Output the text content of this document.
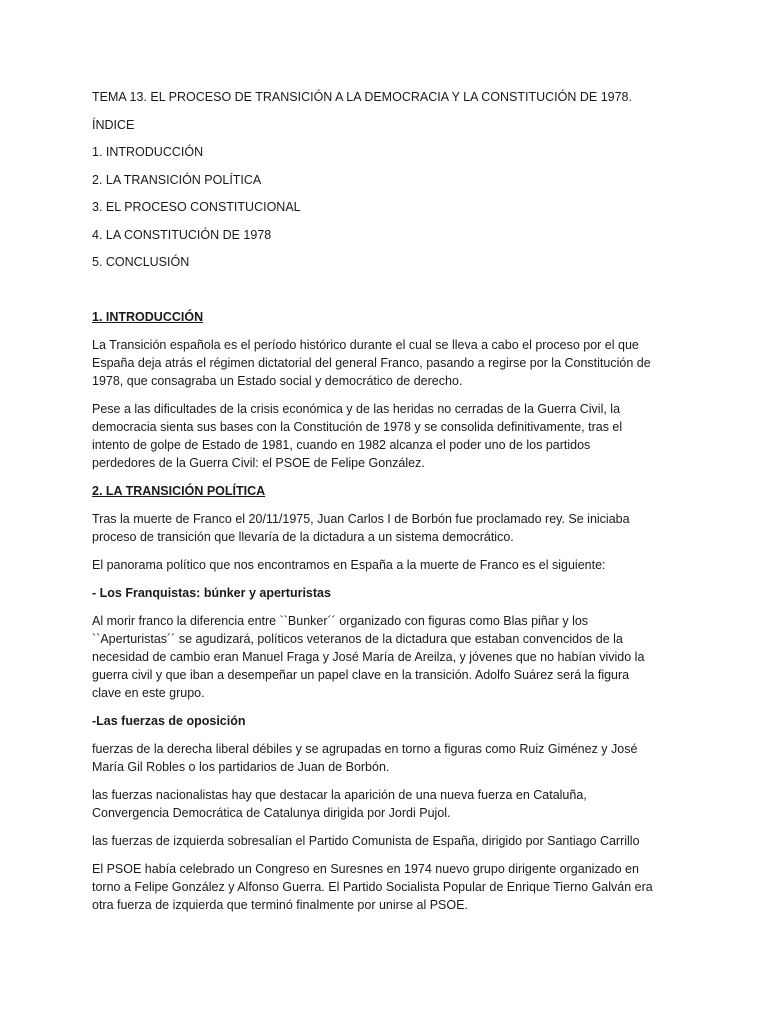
TEMA 13. EL PROCESO DE TRANSICIÓN A LA DEMOCRACIA Y LA CONSTITUCIÓN DE 1978.
ÍNDICE
1. INTRODUCCIÓN
2. LA TRANSICIÓN POLÍTICA
3. EL PROCESO CONSTITUCIONAL
4. LA CONSTITUCIÓN DE 1978
5. CONCLUSIÓN
1. INTRODUCCIÓN
La Transición española es el período histórico durante el cual se lleva a cabo el proceso por el que
España deja atrás el régimen dictatorial del general Franco, pasando a regirse por la Constitución de
1978, que consagraba un Estado social y democrático de derecho.
Pese a las dificultades de la crisis económica y de las heridas no cerradas de la Guerra Civil, la
democracia sienta sus bases con la Constitución de 1978 y se consolida definitivamente, tras el
intento de golpe de Estado de 1981, cuando en 1982 alcanza el poder uno de los partidos
perdedores de la Guerra Civil: el PSOE de Felipe González.
2. LA TRANSICIÓN POLÍTICA
Tras la muerte de Franco el 20/11/1975, Juan Carlos I de Borbón fue proclamado rey. Se iniciaba
proceso de transición que llevaría de la dictadura a un sistema democrático.
El panorama político que nos encontramos en España a la muerte de Franco es el siguiente:
- Los Franquistas: búnker y aperturistas
Al morir franco la diferencia entre ``Bunker´´ organizado con figuras como Blas piñar y los
``Aperturistas´´ se agudizará, políticos veteranos de la dictadura que estaban convencidos de la
necesidad de cambio eran Manuel Fraga y José María de Areilza, y jóvenes que no habían vivido la
guerra civil y que iban a desempeñar un papel clave en la transición. Adolfo Suárez será la figura
clave en este grupo.
-Las fuerzas de oposición
fuerzas de la derecha liberal débiles y se agrupadas en torno a figuras como Ruiz Giménez y José
María Gil Robles o los partidarios de Juan de Borbón.
las fuerzas nacionalistas hay que destacar la aparición de una nueva fuerza en Cataluña,
Convergencia Democrática de Catalunya dirigida por Jordi Pujol.
las fuerzas de izquierda sobresalían el Partido Comunista de España, dirigido por Santiago Carrillo
El PSOE había celebrado un Congreso en Suresnes en 1974 nuevo grupo dirigente organizado en
torno a Felipe González y Alfonso Guerra. El Partido Socialista Popular de Enrique Tierno Galván era
otra fuerza de izquierda que terminó finalmente por unirse al PSOE.
